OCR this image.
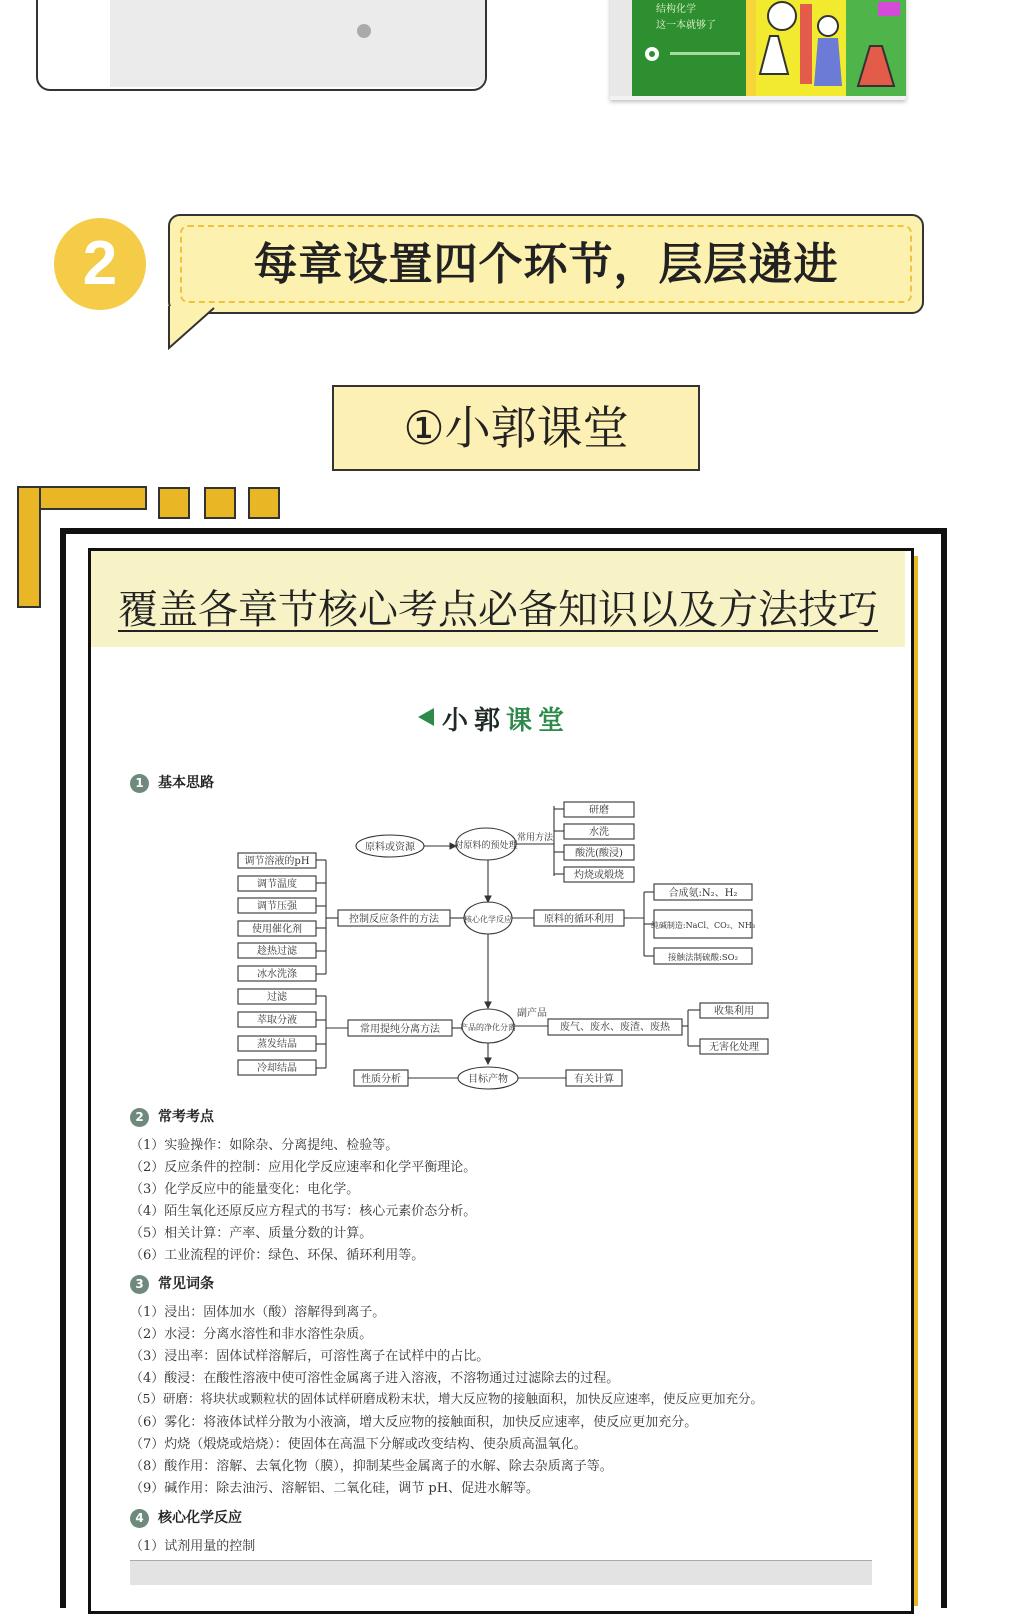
结构化学
这一本就够了
2	每章设置四个环节，层层递进
①小郭课堂
覆盖各章节核心考点必备知识以及方法技巧
小郭课堂
1 基本思路
原料或资源	对原料的预处理
常用方法
研磨
水洗
酸洗(酸浸)
灼烧或煅烧
核心化学反应
控制反应条件的方法
调节溶液的pH
调节温度
调节压强
使用催化剂
趁热过滤
冰水洗涤
原料的循环利用
合成氨:N₂、H₂
纯碱制造:NaCl、CO₂、NH₃
接触法制硫酸:SO₂
产品的净化分离
常用提纯分离方法
过滤
萃取分液
蒸发结晶
冷却结晶
副产品
废气、废水、废渣、废热
收集利用
无害化处理
目标产物
性质分析	有关计算
2 常考考点
（1）实验操作：如除杂、分离提纯、检验等。
（2）反应条件的控制：应用化学反应速率和化学平衡理论。
（3）化学反应中的能量变化：电化学。
（4）陌生氧化还原反应方程式的书写：核心元素价态分析。
（5）相关计算：产率、质量分数的计算。
（6）工业流程的评价：绿色、环保、循环利用等。
3 常见词条
（1）浸出：固体加水（酸）溶解得到离子。
（2）水浸：分离水溶性和非水溶性杂质。
（3）浸出率：固体试样溶解后，可溶性离子在试样中的占比。
（4）酸浸：在酸性溶液中使可溶性金属离子进入溶液，不溶物通过过滤除去的过程。
（5）研磨：将块状或颗粒状的固体试样研磨成粉末状，增大反应物的接触面积，加快反应速率，使反应更加充分。
（6）雾化：将液体试样分散为小液滴，增大反应物的接触面积，加快反应速率，使反应更加充分。
（7）灼烧（煅烧或焙烧）：使固体在高温下分解或改变结构、使杂质高温氧化。
（8）酸作用：溶解、去氧化物（膜），抑制某些金属离子的水解、除去杂质离子等。
（9）碱作用：除去油污、溶解铝、二氧化硅，调节 pH、促进水解等。
4 核心化学反应
（1）试剂用量的控制
